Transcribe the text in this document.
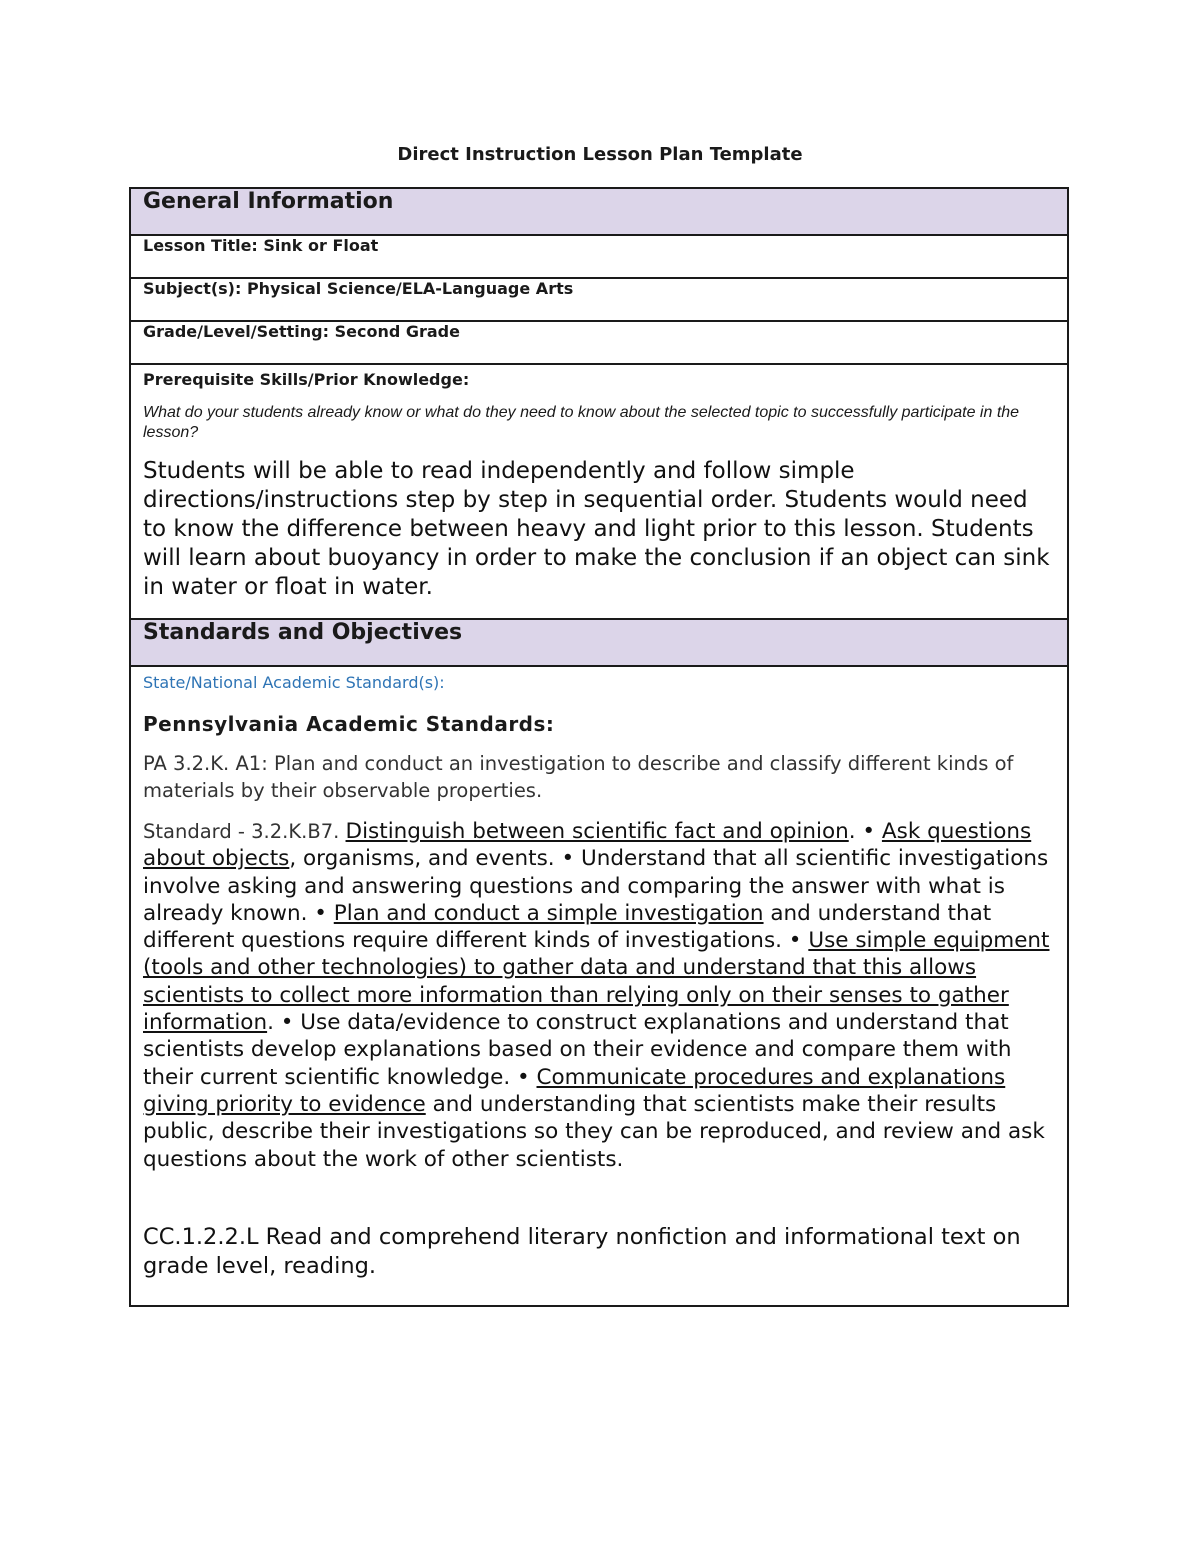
Direct Instruction Lesson Plan Template
General Information
Lesson Title: Sink or Float
Subject(s): Physical Science/ELA-Language Arts
Grade/Level/Setting: Second Grade

Prerequisite Skills/Prior Knowledge:
What do your students already know or what do they need to know about the selected topic to successfully participate in the lesson?
Students will be able to read independently and follow simple directions/instructions step by step in sequential order. Students would need to know the difference between heavy and light prior to this lesson. Students will learn about buoyancy in order to make the conclusion if an object can sink in water or float in water.

Standards and Objectives

State/National Academic Standard(s):
Pennsylvania Academic Standards:
PA 3.2.K. A1: Plan and conduct an investigation to describe and classify different kinds of materials by their observable properties.
Standard - 3.2.K.B7. Distinguish between scientific fact and opinion. • Ask questions about objects, organisms, and events. • Understand that all scientific investigations involve asking and answering questions and comparing the answer with what is already known. • Plan and conduct a simple investigation and understand that different questions require different kinds of investigations. • Use simple equipment (tools and other technologies) to gather data and understand that this allows scientists to collect more information than relying only on their senses to gather information. • Use data/evidence to construct explanations and understand that scientists develop explanations based on their evidence and compare them with their current scientific knowledge. • Communicate procedures and explanations giving priority to evidence and understanding that scientists make their results public, describe their investigations so they can be reproduced, and review and ask questions about the work of other scientists.
CC.1.2.2.L Read and comprehend literary nonfiction and informational text on grade level, reading.
